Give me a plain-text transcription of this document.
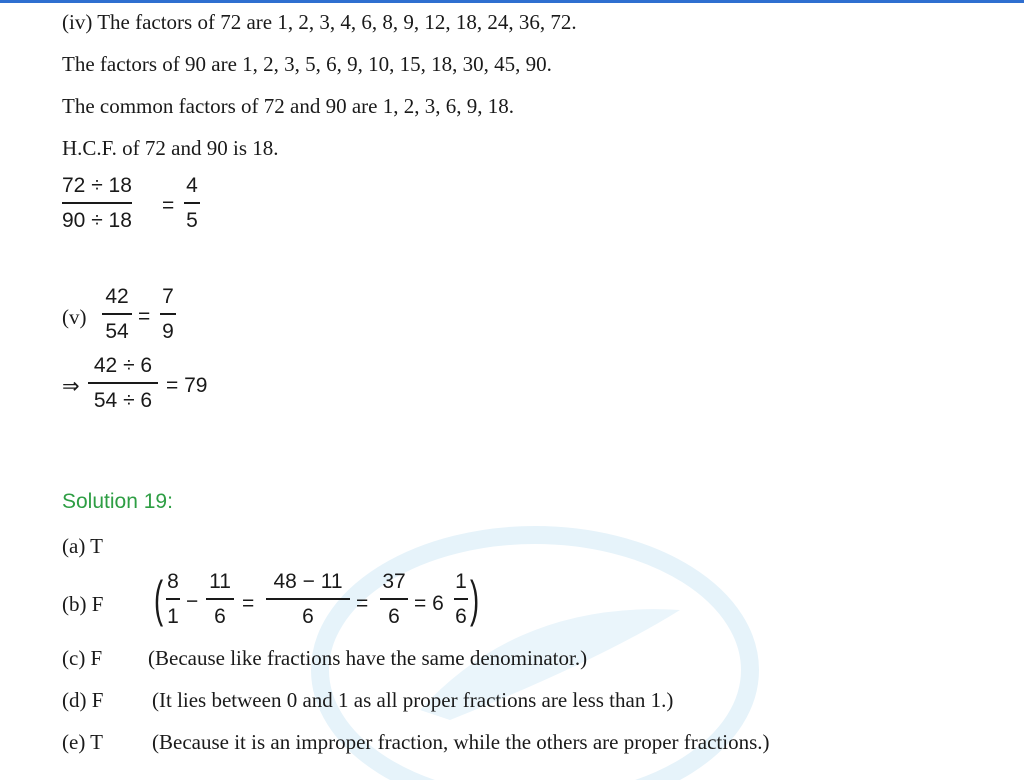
(iv) The factors of 72 are 1, 2, 3, 4, 6, 8, 9, 12, 18, 24, 36, 72.
The factors of 90 are 1, 2, 3, 5, 6, 9, 10, 15, 18, 30, 45, 90.
The common factors of 72 and 90 are 1, 2, 3, 6, 9, 18.
H.C.F. of 72 and 90 is 18.
72 ÷ 18
90 ÷ 18
=
4
5
(v)
42
54
=
7
9
⇒
42 ÷ 6
54 ÷ 6
= 79
Solution 19:
(a) T
(b) F ( 8
1
−
11
6
=
48 − 11
6
=
37
6
= 6
1
6 )
(c) F (Because like fractions have the same denominator.)
(d) F (It lies between 0 and 1 as all proper fractions are less than 1.)
(e) T (Because it is an improper fraction, while the others are proper fractions.)
